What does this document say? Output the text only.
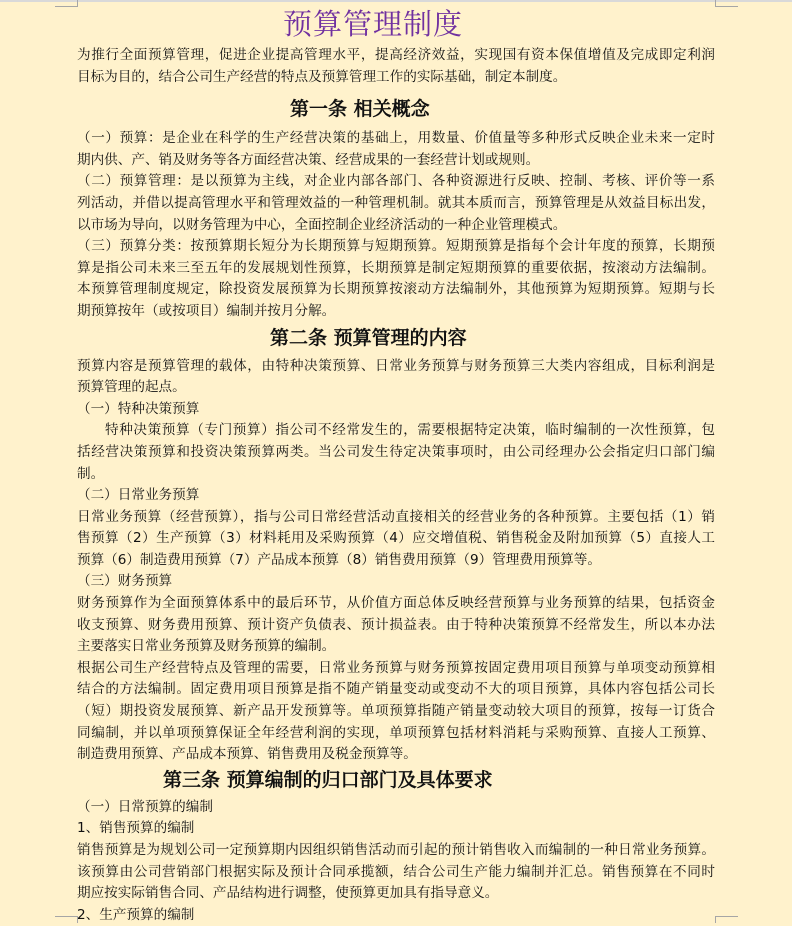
预算管理制度
为推行全面预算管理，促进企业提高管理水平，提高经济效益，实现国有资本保值增值及完成即定利润
目标为目的，结合公司生产经营的特点及预算管理工作的实际基础，制定本制度。
第一条 相关概念
（一）预算：是企业在科学的生产经营决策的基础上，用数量、价值量等多种形式反映企业未来一定时
期内供、产、销及财务等各方面经营决策、经营成果的一套经营计划或规则。
（二）预算管理：是以预算为主线，对企业内部各部门、各种资源进行反映、控制、考核、评价等一系
列活动，并借以提高管理水平和管理效益的一种管理机制。就其本质而言，预算管理是从效益目标出发，
以市场为导向，以财务管理为中心，全面控制企业经济活动的一种企业管理模式。
（三）预算分类：按预算期长短分为长期预算与短期预算。短期预算是指每个会计年度的预算，长期预
算是指公司未来三至五年的发展规划性预算，长期预算是制定短期预算的重要依据，按滚动方法编制。
本预算管理制度规定，除投资发展预算为长期预算按滚动方法编制外，其他预算为短期预算。短期与长
期预算按年（或按项目）编制并按月分解。
第二条 预算管理的内容
预算内容是预算管理的载体，由特种决策预算、日常业务预算与财务预算三大类内容组成，目标利润是
预算管理的起点。
（一）特种决策预算
特种决策预算（专门预算）指公司不经常发生的，需要根据特定决策，临时编制的一次性预算，包
括经营决策预算和投资决策预算两类。当公司发生待定决策事项时，由公司经理办公会指定归口部门编
制。
（二）日常业务预算
日常业务预算（经营预算），指与公司日常经营活动直接相关的经营业务的各种预算。主要包括（1）销
售预算（2）生产预算（3）材料耗用及采购预算（4）应交增值税、销售税金及附加预算（5）直接人工
预算（6）制造费用预算（7）产品成本预算（8）销售费用预算（9）管理费用预算等。
（三）财务预算
财务预算作为全面预算体系中的最后环节，从价值方面总体反映经营预算与业务预算的结果，包括资金
收支预算、财务费用预算、预计资产负债表、预计损益表。由于特种决策预算不经常发生，所以本办法
主要落实日常业务预算及财务预算的编制。
根据公司生产经营特点及管理的需要，日常业务预算与财务预算按固定费用项目预算与单项变动预算相
结合的方法编制。固定费用项目预算是指不随产销量变动或变动不大的项目预算，具体内容包括公司长
（短）期投资发展预算、新产品开发预算等。单项预算指随产销量变动较大项目的预算，按每一订货合
同编制，并以单项预算保证全年经营利润的实现，单项预算包括材料消耗与采购预算、直接人工预算、
制造费用预算、产品成本预算、销售费用及税金预算等。
第三条 预算编制的归口部门及具体要求
（一）日常预算的编制
1、销售预算的编制
销售预算是为规划公司一定预算期内因组织销售活动而引起的预计销售收入而编制的一种日常业务预算。
该预算由公司营销部门根据实际及预计合同承揽额，结合公司生产能力编制并汇总。销售预算在不同时
期应按实际销售合同、产品结构进行调整，使预算更加具有指导意义。
2、生产预算的编制
